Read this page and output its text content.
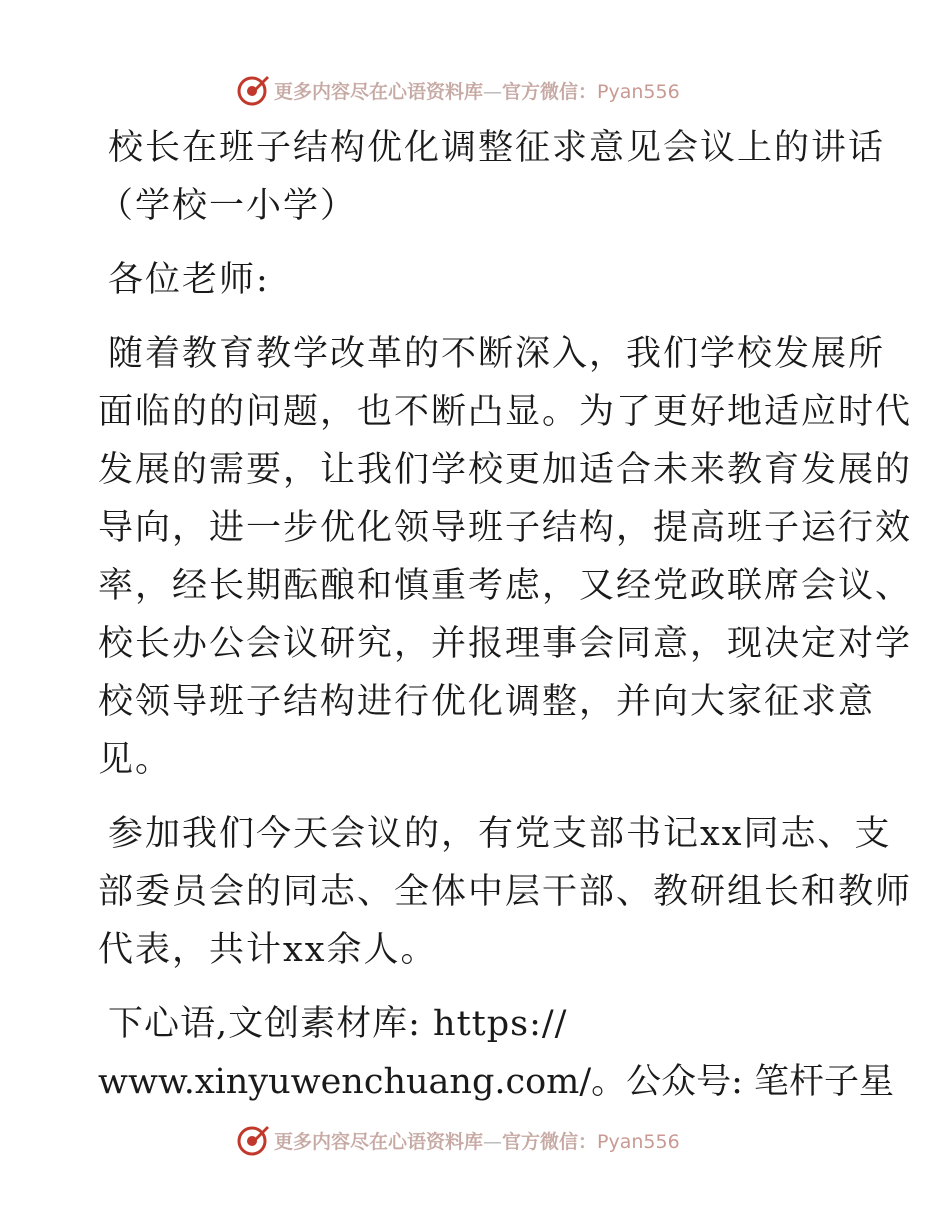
更多内容尽在心语资料库—官方微信：Pyan556
校长在班子结构优化调整征求意见会议上的讲话
（学校一小学）
各位老师:
随着教育教学改革的不断深入，我们学校发展所
面临的的问题，也不断凸显。为了更好地适应时代
发展的需要，让我们学校更加适合未来教育发展的
导向，进一步优化领导班子结构，提高班子运行效
率，经长期酝酿和慎重考虑，又经党政联席会议、
校长办公会议研究，并报理事会同意，现决定对学
校领导班子结构进行优化调整，并向大家征求意
见。
参加我们今天会议的，有党支部书记xx同志、支
部委员会的同志、全体中层干部、教研组长和教师
代表，共计xx余人。
下心语,文创素材库: https://
www.xinyuwenchuang.com/。公众号: 笔杆子星
更多内容尽在心语资料库—官方微信：Pyan556
